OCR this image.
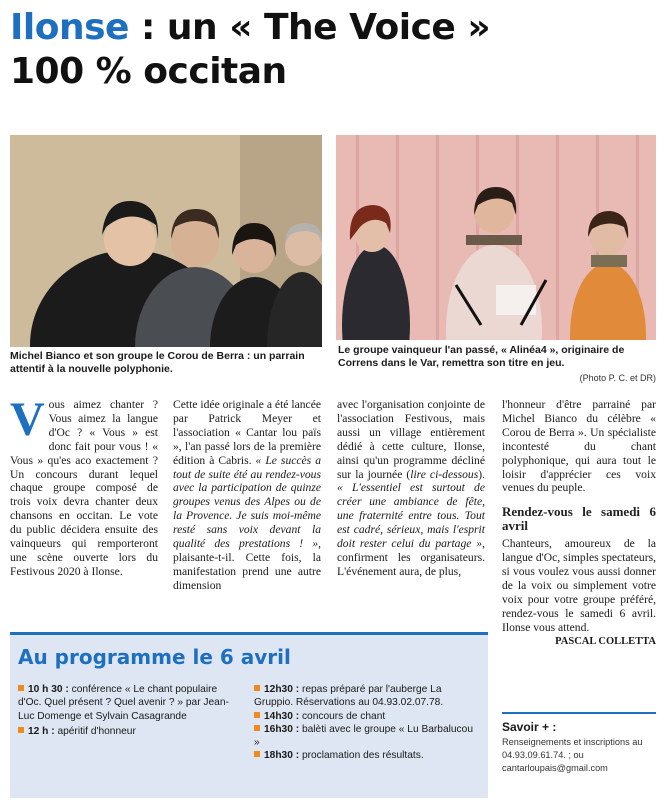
Ilonse : un « The Voice »
100 % occitan
Michel Bianco et son groupe le Corou de Berra : un parrain attentif à la nouvelle polyphonie.
Le groupe vainqueur l'an passé, « Alinéa4 », originaire de Correns dans le Var, remettra son titre en jeu.
(Photo P. C. et DR)
Vous aimez chanter ? Vous aimez la langue d'Oc ? « Vous » est donc fait pour vous ! « Vous » qu'es aco exactement ? Un concours durant lequel chaque groupe composé de trois voix devra chanter deux chansons en occitan. Le vote du public décidera ensuite des vainqueurs qui remporteront une scène ouverte lors du Festivous 2020 à Ilonse.
Cette idée originale a été lancée par Patrick Meyer et l'association « Cantar lou païs », l'an passé lors de la première édition à Cabris. « Le succès a tout de suite été au rendez-vous avec la participation de quinze groupes venus des Alpes ou de la Provence. Je suis moi-même resté sans voix devant la qualité des prestations ! », plaisante-t-il. Cette fois, la manifestation prend une autre dimension
avec l'organisation conjointe de l'association Festivous, mais aussi un village entièrement dédié à cette culture, Ilonse, ainsi qu'un programme décliné sur la journée (lire ci-dessous). « L'essentiel est surtout de créer une ambiance de fête, une fraternité entre tous. Tout est cadré, sérieux, mais l'esprit doit rester celui du partage », confirment les organisateurs. L'événement aura, de plus,

l'honneur d'être parrainé par Michel Bianco du célèbre « Corou de Berra ». Un spécialiste incontesté du chant polyphonique, qui aura tout le loisir d'apprécier ces voix venues du peuple.

Rendez-vous le samedi 6 avril

Chanteurs, amoureux de la langue d'Oc, simples spectateurs, si vous voulez vous aussi donner de la voix ou simplement votre voix pour votre groupe préféré, rendez-vous le samedi 6 avril. Ilonse vous attend.

PASCAL COLLETTA
Au programme le 6 avril
10 h 30 : conférence « Le chant populaire d'Oc. Quel présent ? Quel avenir ? » par Jean-Luc Domenge et Sylvain Casagrande
12 h : apéritif d'honneur
12h30 : repas préparé par l'auberge La Gruppio. Réservations au 04.93.02.07.78.
14h30 : concours de chant
16h30 : balèti avec le groupe « Lu Barbalucou »
18h30 : proclamation des résultats.
Savoir + :
Renseignements et inscriptions au 04.93.09.61.74. ; ou cantarloupais@gmail.com
